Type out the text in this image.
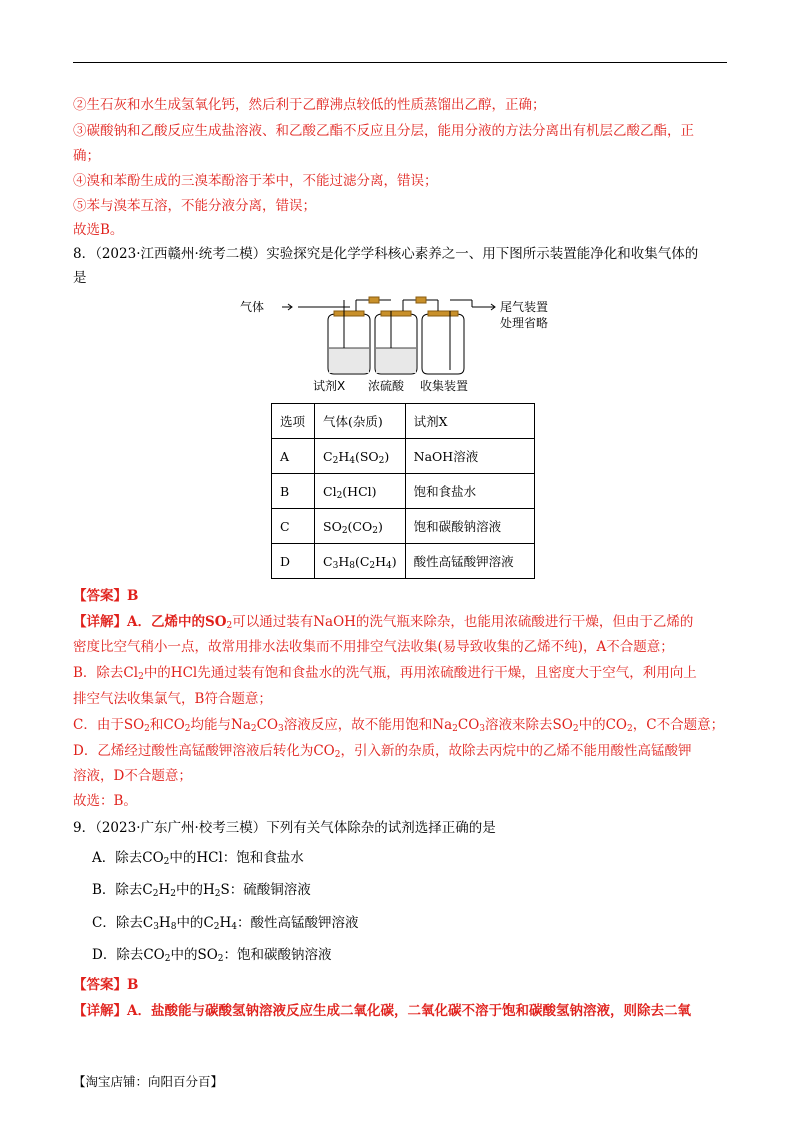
②生石灰和水生成氢氧化钙，然后利于乙醇沸点较低的性质蒸馏出乙醇，正确；
③碳酸钠和乙酸反应生成盐溶液、和乙酸乙酯不反应且分层，能用分液的方法分离出有机层乙酸乙酯，正
确；
④溴和苯酚生成的三溴苯酚溶于苯中，不能过滤分离，错误；
⑤苯与溴苯互溶，不能分液分离，错误；
故选B。
8．（2023·江西赣州·统考二模）实验探究是化学学科核心素养之一、用下图所示装置能净化和收集气体的
是
气体	尾气装置
处理省略
试剂X 浓硫酸 收集装置
选项	气体(杂质)	试剂X
A	$C_2H_4(SO_2)$	NaOH溶液
B	$Cl_2(HCl)$	饱和食盐水
C	$SO_2(CO_2)$	饱和碳酸钠溶液
D	$C_3H_8(C_2H_4)$	酸性高锰酸钾溶液
【答案】B
【详解】A．乙烯中的$SO_2$可以通过装有NaOH的洗气瓶来除杂，也能用浓硫酸进行干燥，但由于乙烯的
密度比空气稍小一点，故常用排水法收集而不用排空气法收集(易导致收集的乙烯不纯)，A不合题意；
B．除去$Cl_2$中的HCl先通过装有饱和食盐水的洗气瓶，再用浓硫酸进行干燥，且密度大于空气，利用向上
排空气法收集氯气，B符合题意；
C．由于$SO_2$和$CO_2$均能与$Na_2CO_3$溶液反应，故不能用饱和$Na_2CO_3$溶液来除去$SO_2$中的$CO_2$，C不合题意；
D．乙烯经过酸性高锰酸钾溶液后转化为$CO_2$，引入新的杂质，故除去丙烷中的乙烯不能用酸性高锰酸钾
溶液，D不合题意；
故选：B。
9．（2023·广东广州·校考三模）下列有关气体除杂的试剂选择正确的是
A．除去$CO_2$中的HCl：饱和食盐水
B．除去$C_2H_2$中的$H_2S$：硫酸铜溶液
C．除去$C_3H_8$中的$C_2H_4$：酸性高锰酸钾溶液
D．除去$CO_2$中的$SO_2$：饱和碳酸钠溶液
【答案】B
【详解】A．盐酸能与碳酸氢钠溶液反应生成二氧化碳，二氧化碳不溶于饱和碳酸氢钠溶液，则除去二氧
【淘宝店铺：向阳百分百】
